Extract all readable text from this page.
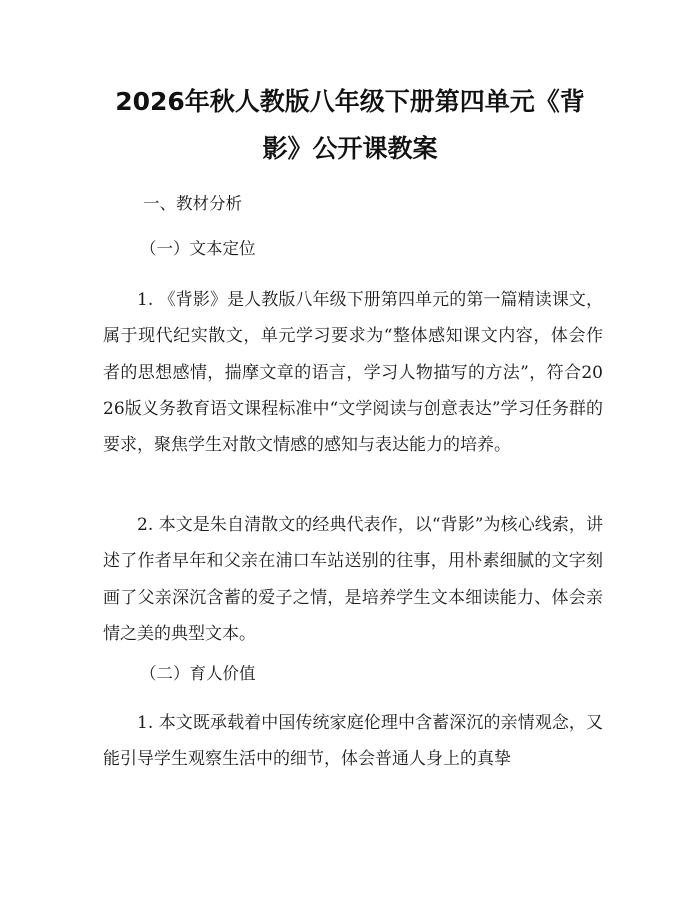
2026年秋人教版八年级下册第四单元《背
影》公开课教案

一、教材分析

（一）文本定位

1. 《背影》是人教版八年级下册第四单元的第一篇精读课文，属于现代纪实散文，单元学习要求为“整体感知课文内容，体会作者的思想感情，揣摩文章的语言，学习人物描写的方法”，符合2026版义务教育语文课程标准中“文学阅读与创意表达”学习任务群的要求，聚焦学生对散文情感的感知与表达能力的培养。

2. 本文是朱自清散文的经典代表作，以“背影”为核心线索，讲述了作者早年和父亲在浦口车站送别的往事，用朴素细腻的文字刻画了父亲深沉含蓄的爱子之情，是培养学生文本细读能力、体会亲情之美的典型文本。

（二）育人价值

1. 本文既承载着中国传统家庭伦理中含蓄深沉的亲情观念，又能引导学生观察生活中的细节，体会普通人身上的真挚
